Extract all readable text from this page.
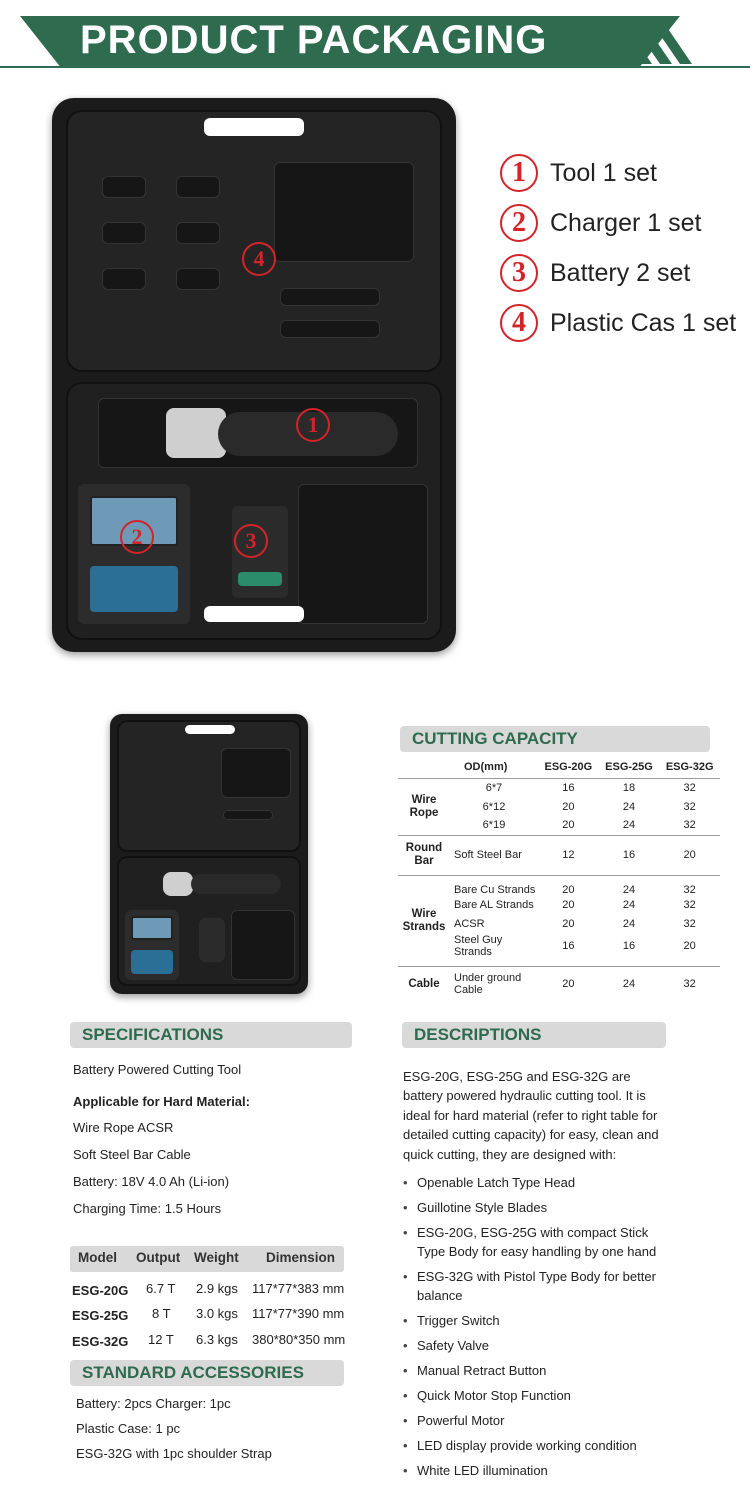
PRODUCT PACKAGING
4
1
2	3
1 Tool 1 set
2 Charger 1 set
3 Battery 2 set
4 Plastic Cas 1 set
CUTTING CAPACITY
	OD(mm)	ESG-20G	ESG-25G	ESG-32G
Wire Rope	6*7	16	18	32
	6*12	20	24	32
	6*19	20	24	32
Round Bar	Soft Steel Bar	12	16	20
Wire Strands	Bare Cu Strands	20	24	32
	Bare AL Strands	20	24	32
	ACSR	20	24	32
	Steel Guy Strands	16	16	20
Cable	Under ground Cable	20	24	32
SPECIFICATIONS
Battery Powered Cutting Tool
Applicable for Hard Material:
Wire Rope ACSR
Soft Steel Bar Cable
Battery: 18V 4.0 Ah (Li-ion)
Charging Time: 1.5 Hours
Model Output Weight Dimension
ESG-20G 6.7 T 2.9 kgs 117*77*383 mm
ESG-25G 8 T 3.0 kgs 117*77*390 mm
ESG-32G 12 T 6.3 kgs 380*80*350 mm
STANDARD ACCESSORIES
Battery: 2pcs Charger: 1pc
Plastic Case: 1 pc
ESG-32G with 1pc shoulder Strap
DESCRIPTIONS
ESG-20G, ESG-25G and ESG-32G are battery powered hydraulic cutting tool. It is ideal for hard material (refer to right table for detailed cutting capacity) for easy, clean and quick cutting, they are designed with:
• Openable Latch Type Head
• Guillotine Style Blades
• ESG-20G, ESG-25G with compact Stick Type Body for easy handling by one hand
• ESG-32G with Pistol Type Body for better balance
• Trigger Switch
• Safety Valve
• Manual Retract Button
• Quick Motor Stop Function
• Powerful Motor
• LED display provide working condition
• White LED illumination
